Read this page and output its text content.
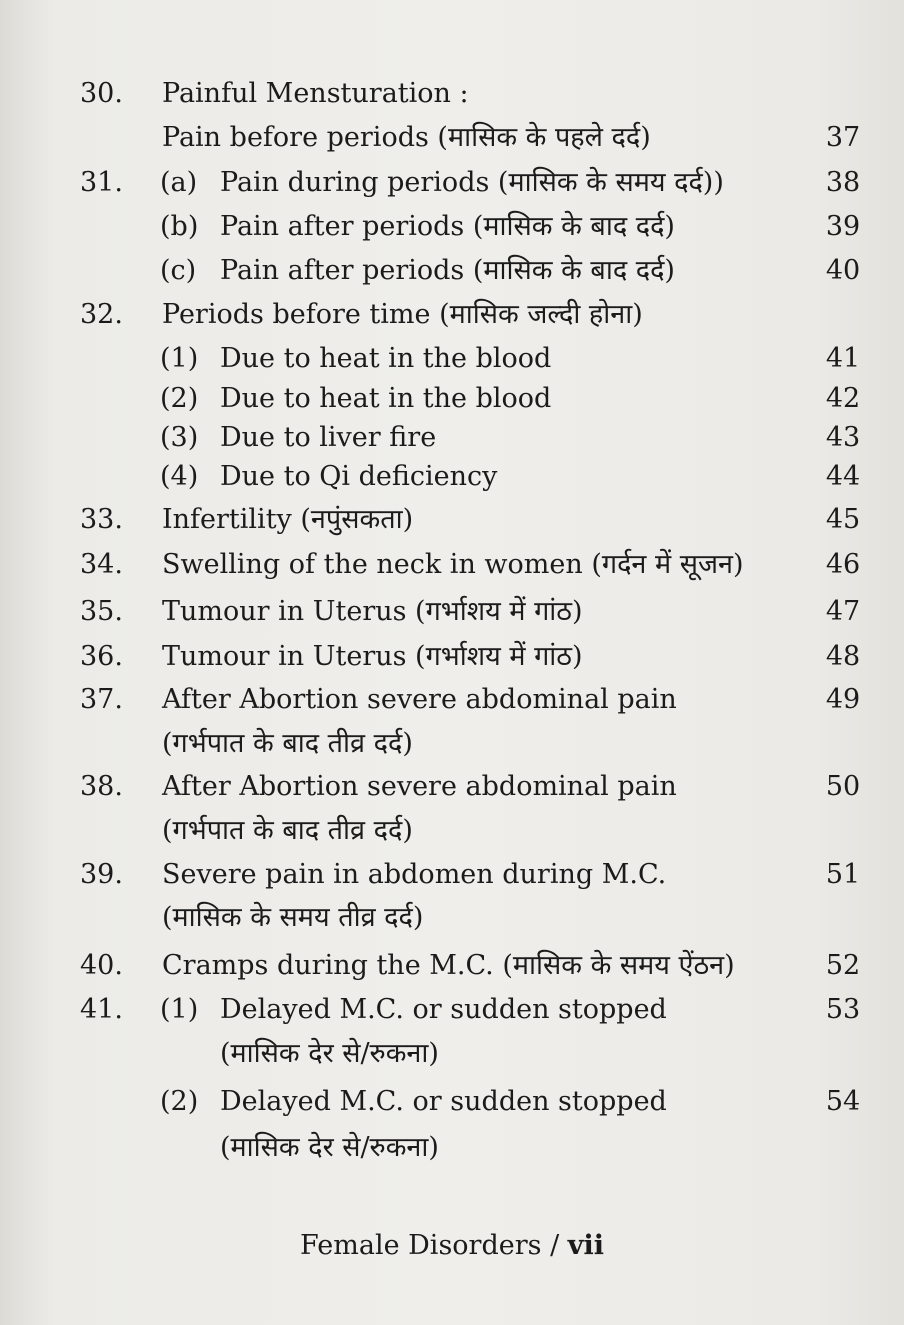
30. Painful Mensturation :
Pain before periods (मासिक के पहले दर्द)	37
31. (a) Pain during periods (मासिक के समय दर्द))	38
(b) Pain after periods (मासिक के बाद दर्द)	39
(c) Pain after periods (मासिक के बाद दर्द)	40
32. Periods before time (मासिक जल्दी होना)
(1) Due to heat in the blood	41
(2) Due to heat in the blood	42
(3) Due to liver fire	43
(4) Due to Qi deficiency	44
33. Infertility (नपुंसकता)	45
34. Swelling of the neck in women (गर्दन में सूजन)	46
35. Tumour in Uterus (गर्भाशय में गांठ)	47
36. Tumour in Uterus (गर्भाशय में गांठ)	48
37. After Abortion severe abdominal pain	49
(गर्भपात के बाद तीव्र दर्द)
38. After Abortion severe abdominal pain	50
(गर्भपात के बाद तीव्र दर्द)
39. Severe pain in abdomen during M.C.	51
(मासिक के समय तीव्र दर्द)
40. Cramps during the M.C. (मासिक के समय ऐंठन)	52
41. (1) Delayed M.C. or sudden stopped	53
(मासिक देर से/रुकना)
(2) Delayed M.C. or sudden stopped	54
(मासिक देर से/रुकना)
Female Disorders / vii
